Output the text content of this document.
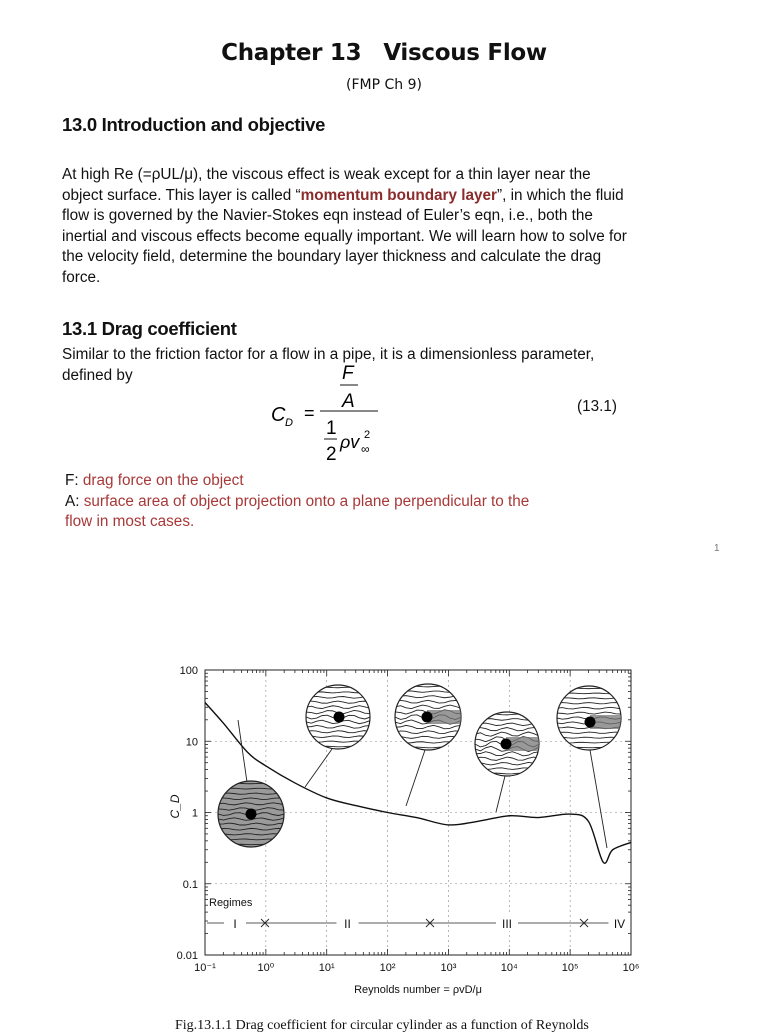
Chapter 13 Viscous Flow
(FMP Ch 9)
13.0 Introduction and objective
At high Re (=ρUL/μ), the viscous effect is weak except for a thin layer near the
object surface. This layer is called “momentum boundary layer”, in which the fluid
flow is governed by the Navier-Stokes eqn instead of Euler’s eqn, i.e., both the
inertial and viscous effects become equally important. We will learn how to solve for
the velocity field, determine the boundary layer thickness and calculate the drag
force.
13.1 Drag coefficient
Similar to the friction factor for a flow in a pipe, it is a dimensionless parameter,
defined by
C D =
F
A
1
2
ρv 2
∞
(13.1)
F: drag force on the object
A: surface area of object projection onto a plane perpendicular to the
flow in most cases.
1
Regimes
I	II	III	IV
10⁻¹	10⁰	10¹	10²	10³	10⁴	10⁵	10⁶
100
10
1
0.1
0.01
C_D
Reynolds number = ρvD/μ
Fig.13.1.1 Drag coefficient for circular cylinder as a function of Reynolds
